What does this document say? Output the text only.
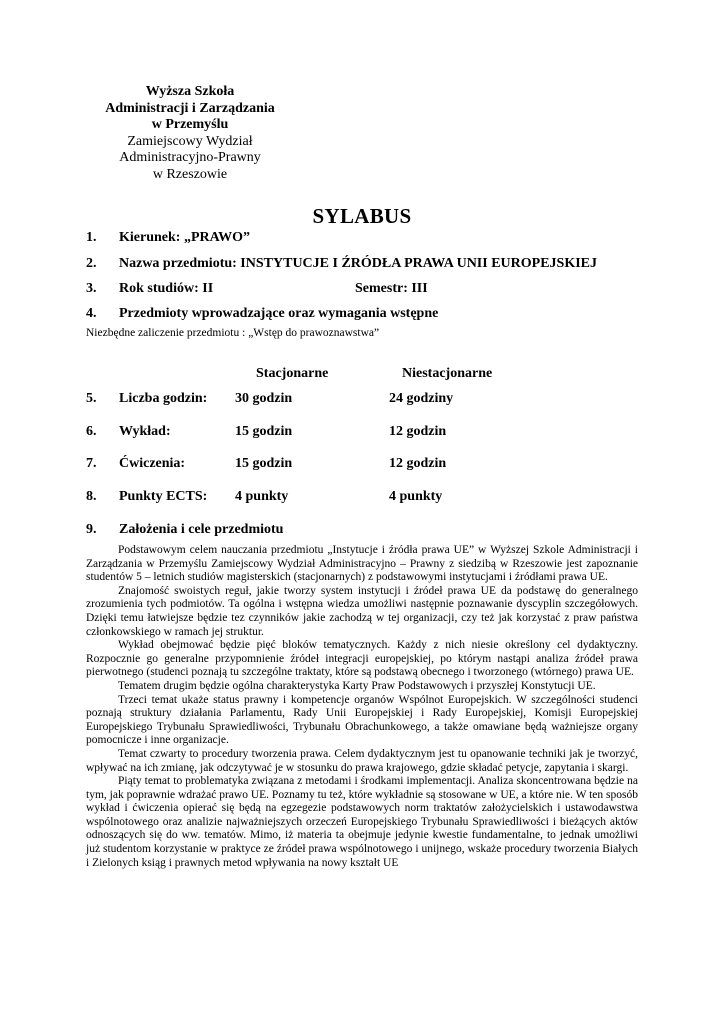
Wyższa Szkoła
Administracji i Zarządzania
w Przemyślu
Zamiejscowy Wydział
Administracyjno-Prawny
w Rzeszowie
SYLABUS
1. Kierunek: „PRAWO”
2. Nazwa przedmiotu: INSTYTUCJE I ŹRÓDŁA PRAWA UNII EUROPEJSKIEJ
3. Rok studiów: II	Semestr: III
4. Przedmioty wprowadzające oraz wymagania wstępne
Niezbędne zaliczenie przedmiotu : „Wstęp do prawoznawstwa”
Stacjonarne	Niestacjonarne
5. Liczba godzin: 30 godzin	24 godziny
6. Wykład:	15 godzin	12 godzin
7. Ćwiczenia:	15 godzin	12 godzin
8. Punkty ECTS: 4 punkty	4 punkty
9. Założenia i cele przedmiotu

Podstawowym celem nauczania przedmiotu „Instytucje i źródła prawa UE” w Wyższej Szkole Administracji i Zarządzania w Przemyślu Zamiejscowy Wydział Administracyjno – Prawny z siedzibą w Rzeszowie jest zapoznanie studentów 5 – letnich studiów magisterskich (stacjonarnych) z podstawowymi instytucjami i źródłami prawa UE.

Znajomość swoistych reguł, jakie tworzy system instytucji i źródeł prawa UE da podstawę do generalnego zrozumienia tych podmiotów. Ta ogólna i wstępna wiedza umożliwi następnie poznawanie dyscyplin szczegółowych. Dzięki temu łatwiejsze będzie tez czynników jakie zachodzą w tej organizacji, czy też jak korzystać z praw państwa członkowskiego w ramach jej struktur.

Wykład obejmować będzie pięć bloków tematycznych. Każdy z nich niesie określony cel dydaktyczny. Rozpocznie go generalne przypomnienie źródeł integracji europejskiej, po którym nastąpi analiza źródeł prawa pierwotnego (studenci poznają tu szczególne traktaty, które są podstawą obecnego i tworzonego (wtórnego) prawa UE.

Tematem drugim będzie ogólna charakterystyka Karty Praw Podstawowych i przyszłej Konstytucji UE.

Trzeci temat ukaże status prawny i kompetencje organów Wspólnot Europejskich. W szczególności studenci poznają struktury działania Parlamentu, Rady Unii Europejskiej i Rady Europejskiej, Komisji Europejskiej Europejskiego Trybunału Sprawiedliwości, Trybunału Obrachunkowego, a także omawiane będą ważniejsze organy pomocnicze i inne organizacje.

Temat czwarty to procedury tworzenia prawa. Celem dydaktycznym jest tu opanowanie techniki jak je tworzyć, wpływać na ich zmianę, jak odczytywać je w stosunku do prawa krajowego, gdzie składać petycje, zapytania i skargi.

Piąty temat to problematyka związana z metodami i środkami implementacji. Analiza skoncentrowana będzie na tym, jak poprawnie wdrażać prawo UE. Poznamy tu też, które wykładnie są stosowane w UE, a które nie. W ten sposób wykład i ćwiczenia opierać się będą na egzegezie podstawowych norm traktatów założycielskich i ustawodawstwa wspólnotowego oraz analizie najważniejszych orzeczeń Europejskiego Trybunału Sprawiedliwości i bieżących aktów odnoszących się do ww. tematów. Mimo, iż materia ta obejmuje jedynie kwestie fundamentalne, to jednak umożliwi już studentom korzystanie w praktyce ze źródeł prawa wspólnotowego i unijnego, wskaże procedury tworzenia Białych i Zielonych ksiąg i prawnych metod wpływania na nowy kształt UE
